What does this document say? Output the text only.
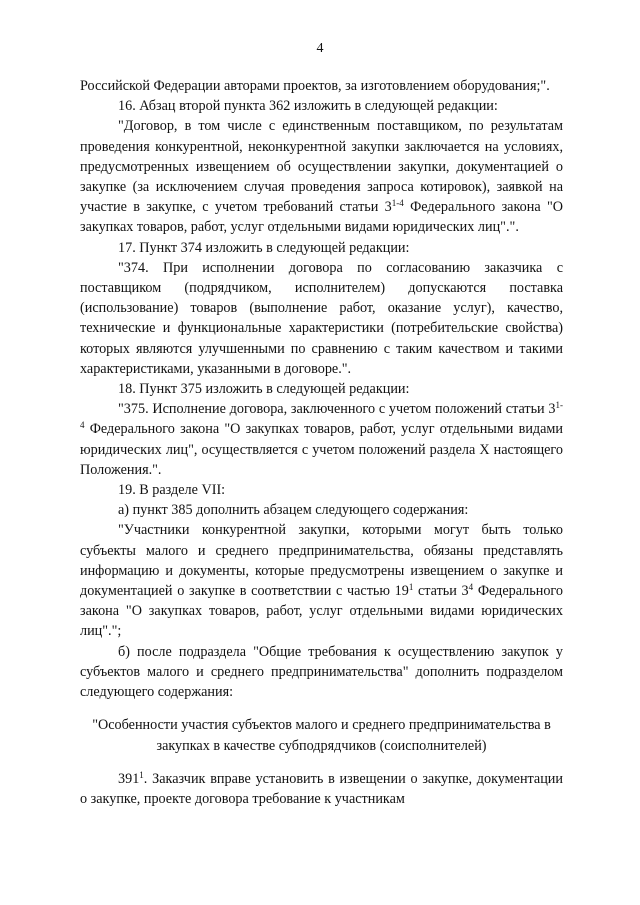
4

Российской Федерации авторами проектов, за изготовлением оборудования;".

16. Абзац второй пункта 362 изложить в следующей редакции:

"Договор, в том числе с единственным поставщиком, по результатам проведения конкурентной, неконкурентной закупки заключается на условиях, предусмотренных извещением об осуществлении закупки, документацией о закупке (за исключением случая проведения запроса котировок), заявкой на участие в закупке, с учетом требований статьи 3$^{1-4}$ Федерального закона "О закупках товаров, работ, услуг отдельными видами юридических лиц".".

17. Пункт 374 изложить в следующей редакции:

"374. При исполнении договора по согласованию заказчика с поставщиком (подрядчиком, исполнителем) допускаются поставка (использование) товаров (выполнение работ, оказание услуг), качество, технические и функциональные характеристики (потребительские свойства) которых являются улучшенными по сравнению с таким качеством и такими характеристиками, указанными в договоре.".

18. Пункт 375 изложить в следующей редакции:

"375. Исполнение договора, заключенного с учетом положений статьи 3$^{1-4}$ Федерального закона "О закупках товаров, работ, услуг отдельными видами юридических лиц", осуществляется с учетом положений раздела X настоящего Положения.".

19. В разделе VII:

а) пункт 385 дополнить абзацем следующего содержания:

"Участники конкурентной закупки, которыми могут быть только субъекты малого и среднего предпринимательства, обязаны представлять информацию и документы, которые предусмотрены извещением о закупке и документацией о закупке в соответствии с частью $19^1$ статьи $3^4$ Федерального закона "О закупках товаров, работ, услуг отдельными видами юридических лиц".";

б) после подраздела "Общие требования к осуществлению закупок у субъектов малого и среднего предпринимательства" дополнить подразделом следующего содержания:

"Особенности участия субъектов малого и среднего предпринимательства в закупках в качестве субподрядчиков (соисполнителей)

$391^1$. Заказчик вправе установить в извещении о закупке, документации о закупке, проекте договора требование к участникам
